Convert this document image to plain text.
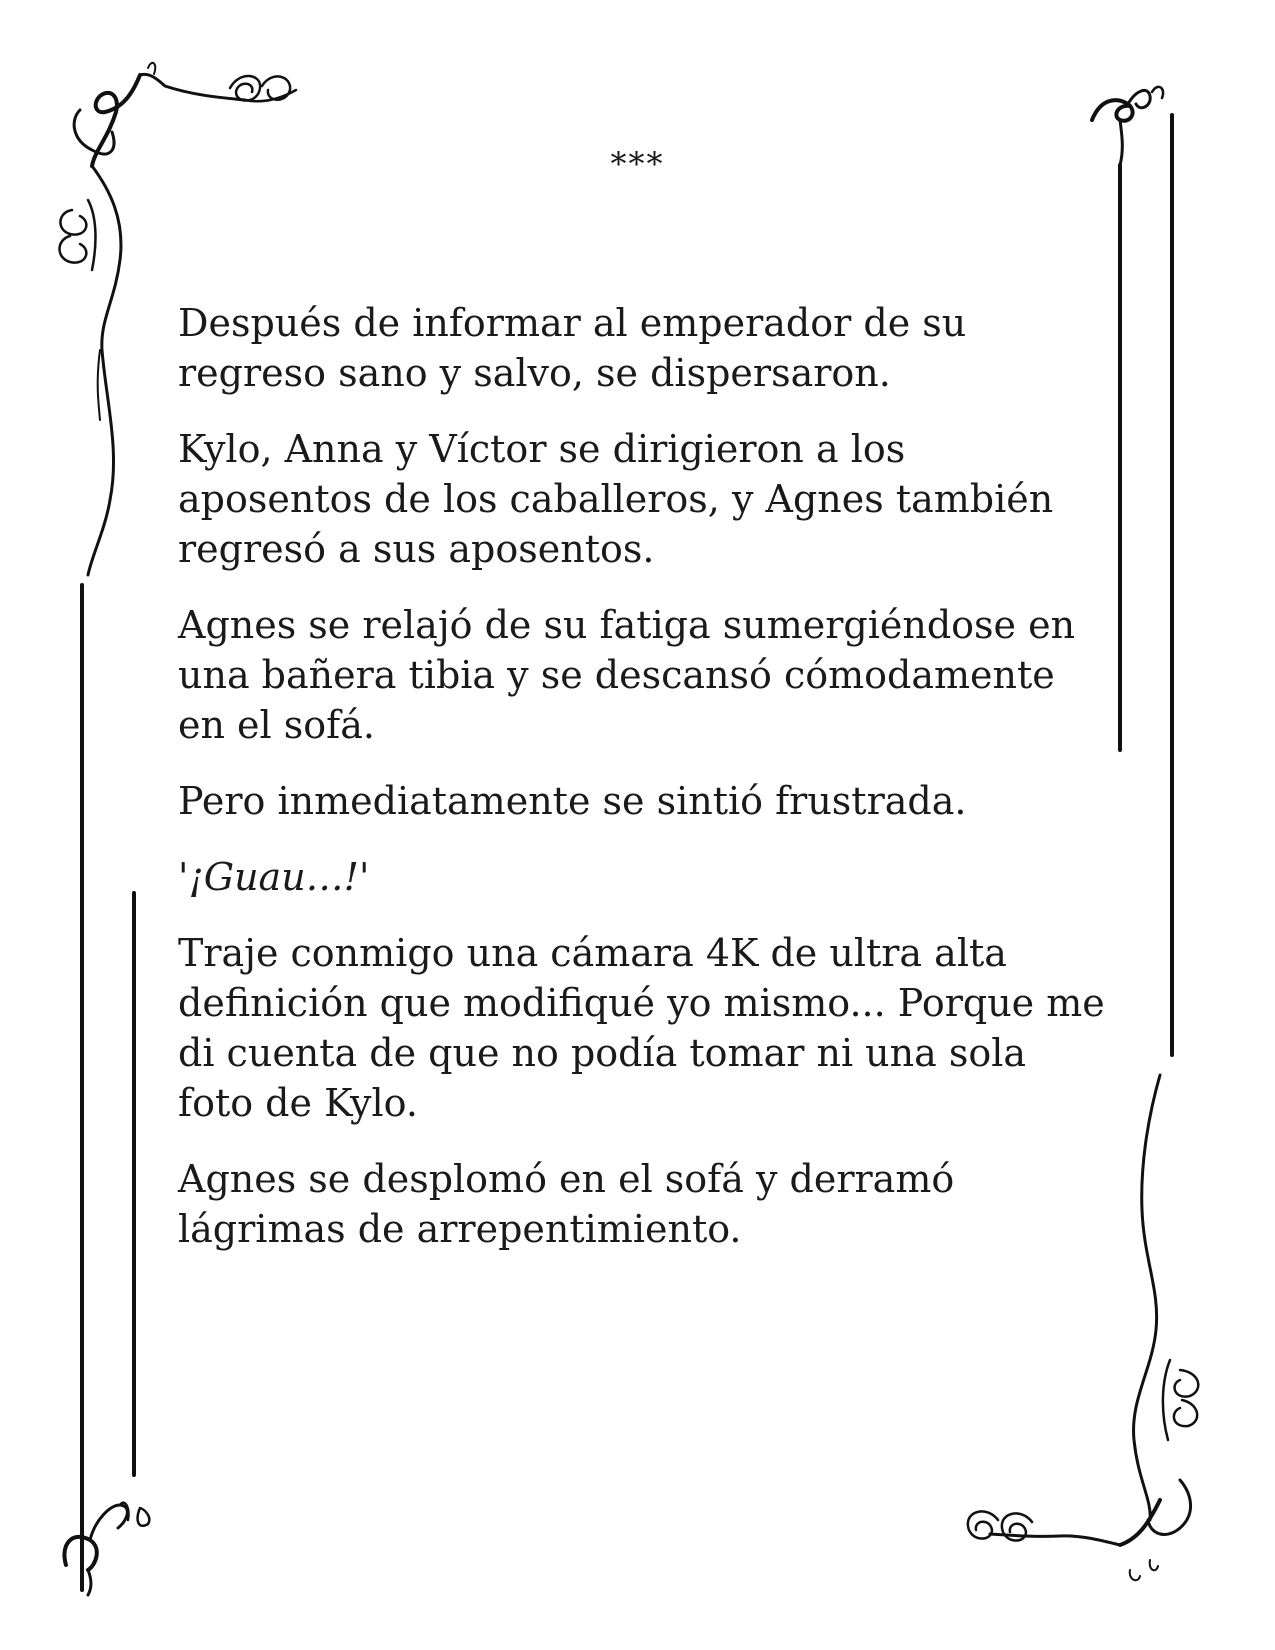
***

Después de informar al emperador de su
regreso sano y salvo, se dispersaron.

Kylo, Anna y Víctor se dirigieron a los
aposentos de los caballeros, y Agnes también
regresó a sus aposentos.

Agnes se relajó de su fatiga sumergiéndose en
una bañera tibia y se descansó cómodamente
en el sofá.

Pero inmediatamente se sintió frustrada.

'¡Guau…!'

Traje conmigo una cámara 4K de ultra alta
definición que modifiqué yo mismo... Porque me
di cuenta de que no podía tomar ni una sola
foto de Kylo.

Agnes se desplomó en el sofá y derramó
lágrimas de arrepentimiento.
